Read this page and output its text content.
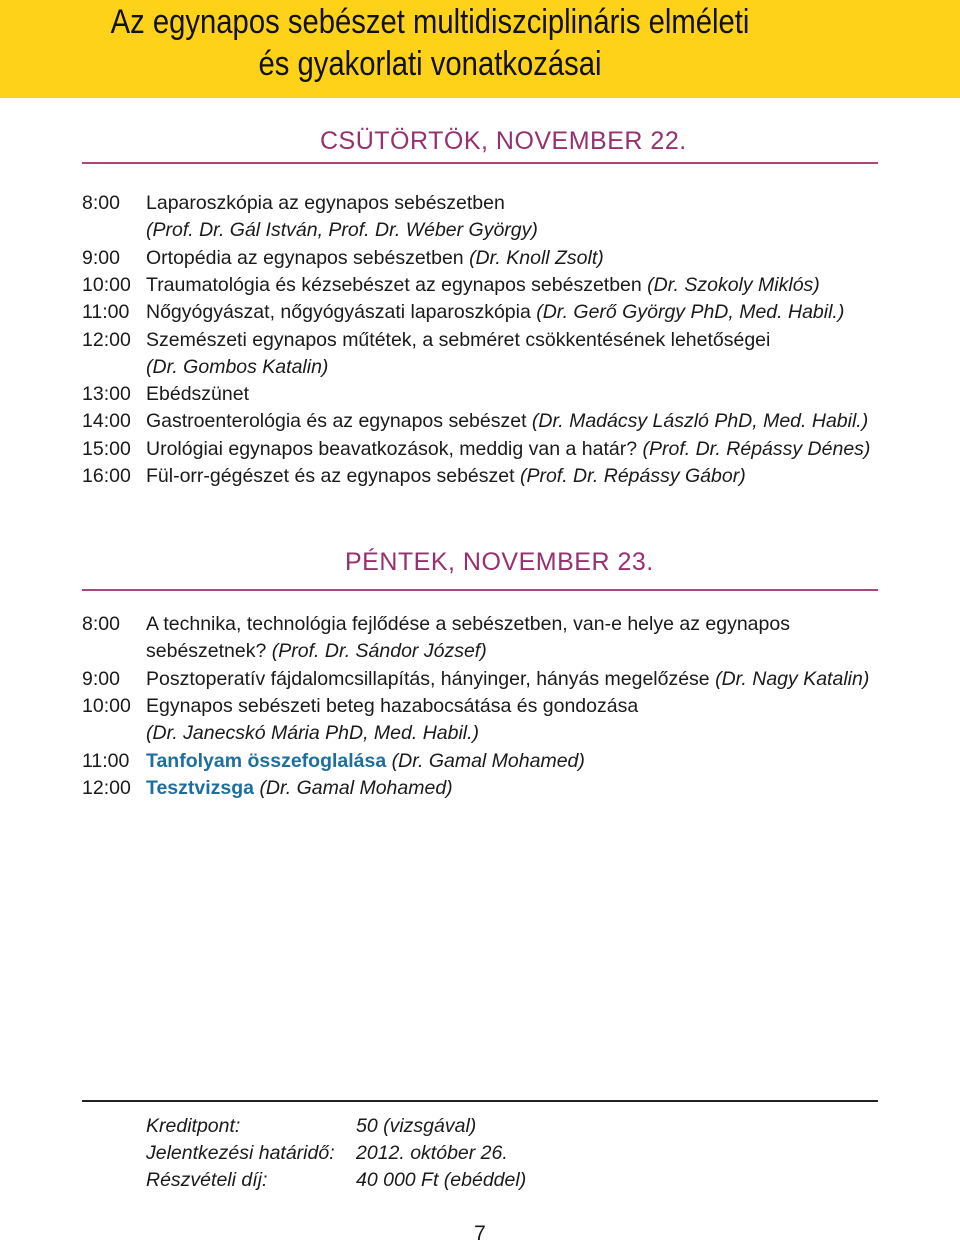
Az egynapos sebészet multidiszciplináris elméleti
és gyakorlati vonatkozásai
CSÜTÖRTÖK, NOVEMBER 22.
8:00 Laparoszkópia az egynapos sebészetben
(Prof. Dr. Gál István, Prof. Dr. Wéber György)
9:00 Ortopédia az egynapos sebészetben (Dr. Knoll Zsolt)
10:00 Traumatológia és kézsebészet az egynapos sebészetben (Dr. Szokoly Miklós)
11:00 Nőgyógyászat, nőgyógyászati laparoszkópia (Dr. Gerő György PhD, Med. Habil.)
12:00 Szemészeti egynapos műtétek, a sebméret csökkentésének lehetőségei
(Dr. Gombos Katalin)
13:00 Ebédszünet
14:00 Gastroenterológia és az egynapos sebészet (Dr. Madácsy László PhD, Med. Habil.)
15:00 Urológiai egynapos beavatkozások, meddig van a határ? (Prof. Dr. Répássy Dénes)
16:00 Fül-orr-gégészet és az egynapos sebészet (Prof. Dr. Répássy Gábor)
PÉNTEK, NOVEMBER 23.
8:00 A technika, technológia fejlődése a sebészetben, van-e helye az egynapos
sebészetnek? (Prof. Dr. Sándor József)
9:00 Posztoperatív fájdalomcsillapítás, hányinger, hányás megelőzése (Dr. Nagy Katalin)
10:00 Egynapos sebészeti beteg hazabocsátása és gondozása
(Dr. Janecskó Mária PhD, Med. Habil.)
11:00 Tanfolyam összefoglalása (Dr. Gamal Mohamed)
12:00 Tesztvizsga (Dr. Gamal Mohamed)
Kreditpont:	50 (vizsgával)
Jelentkezési határidő: 2012. október 26.
Részvételi díj:	40 000 Ft (ebéddel)
7
